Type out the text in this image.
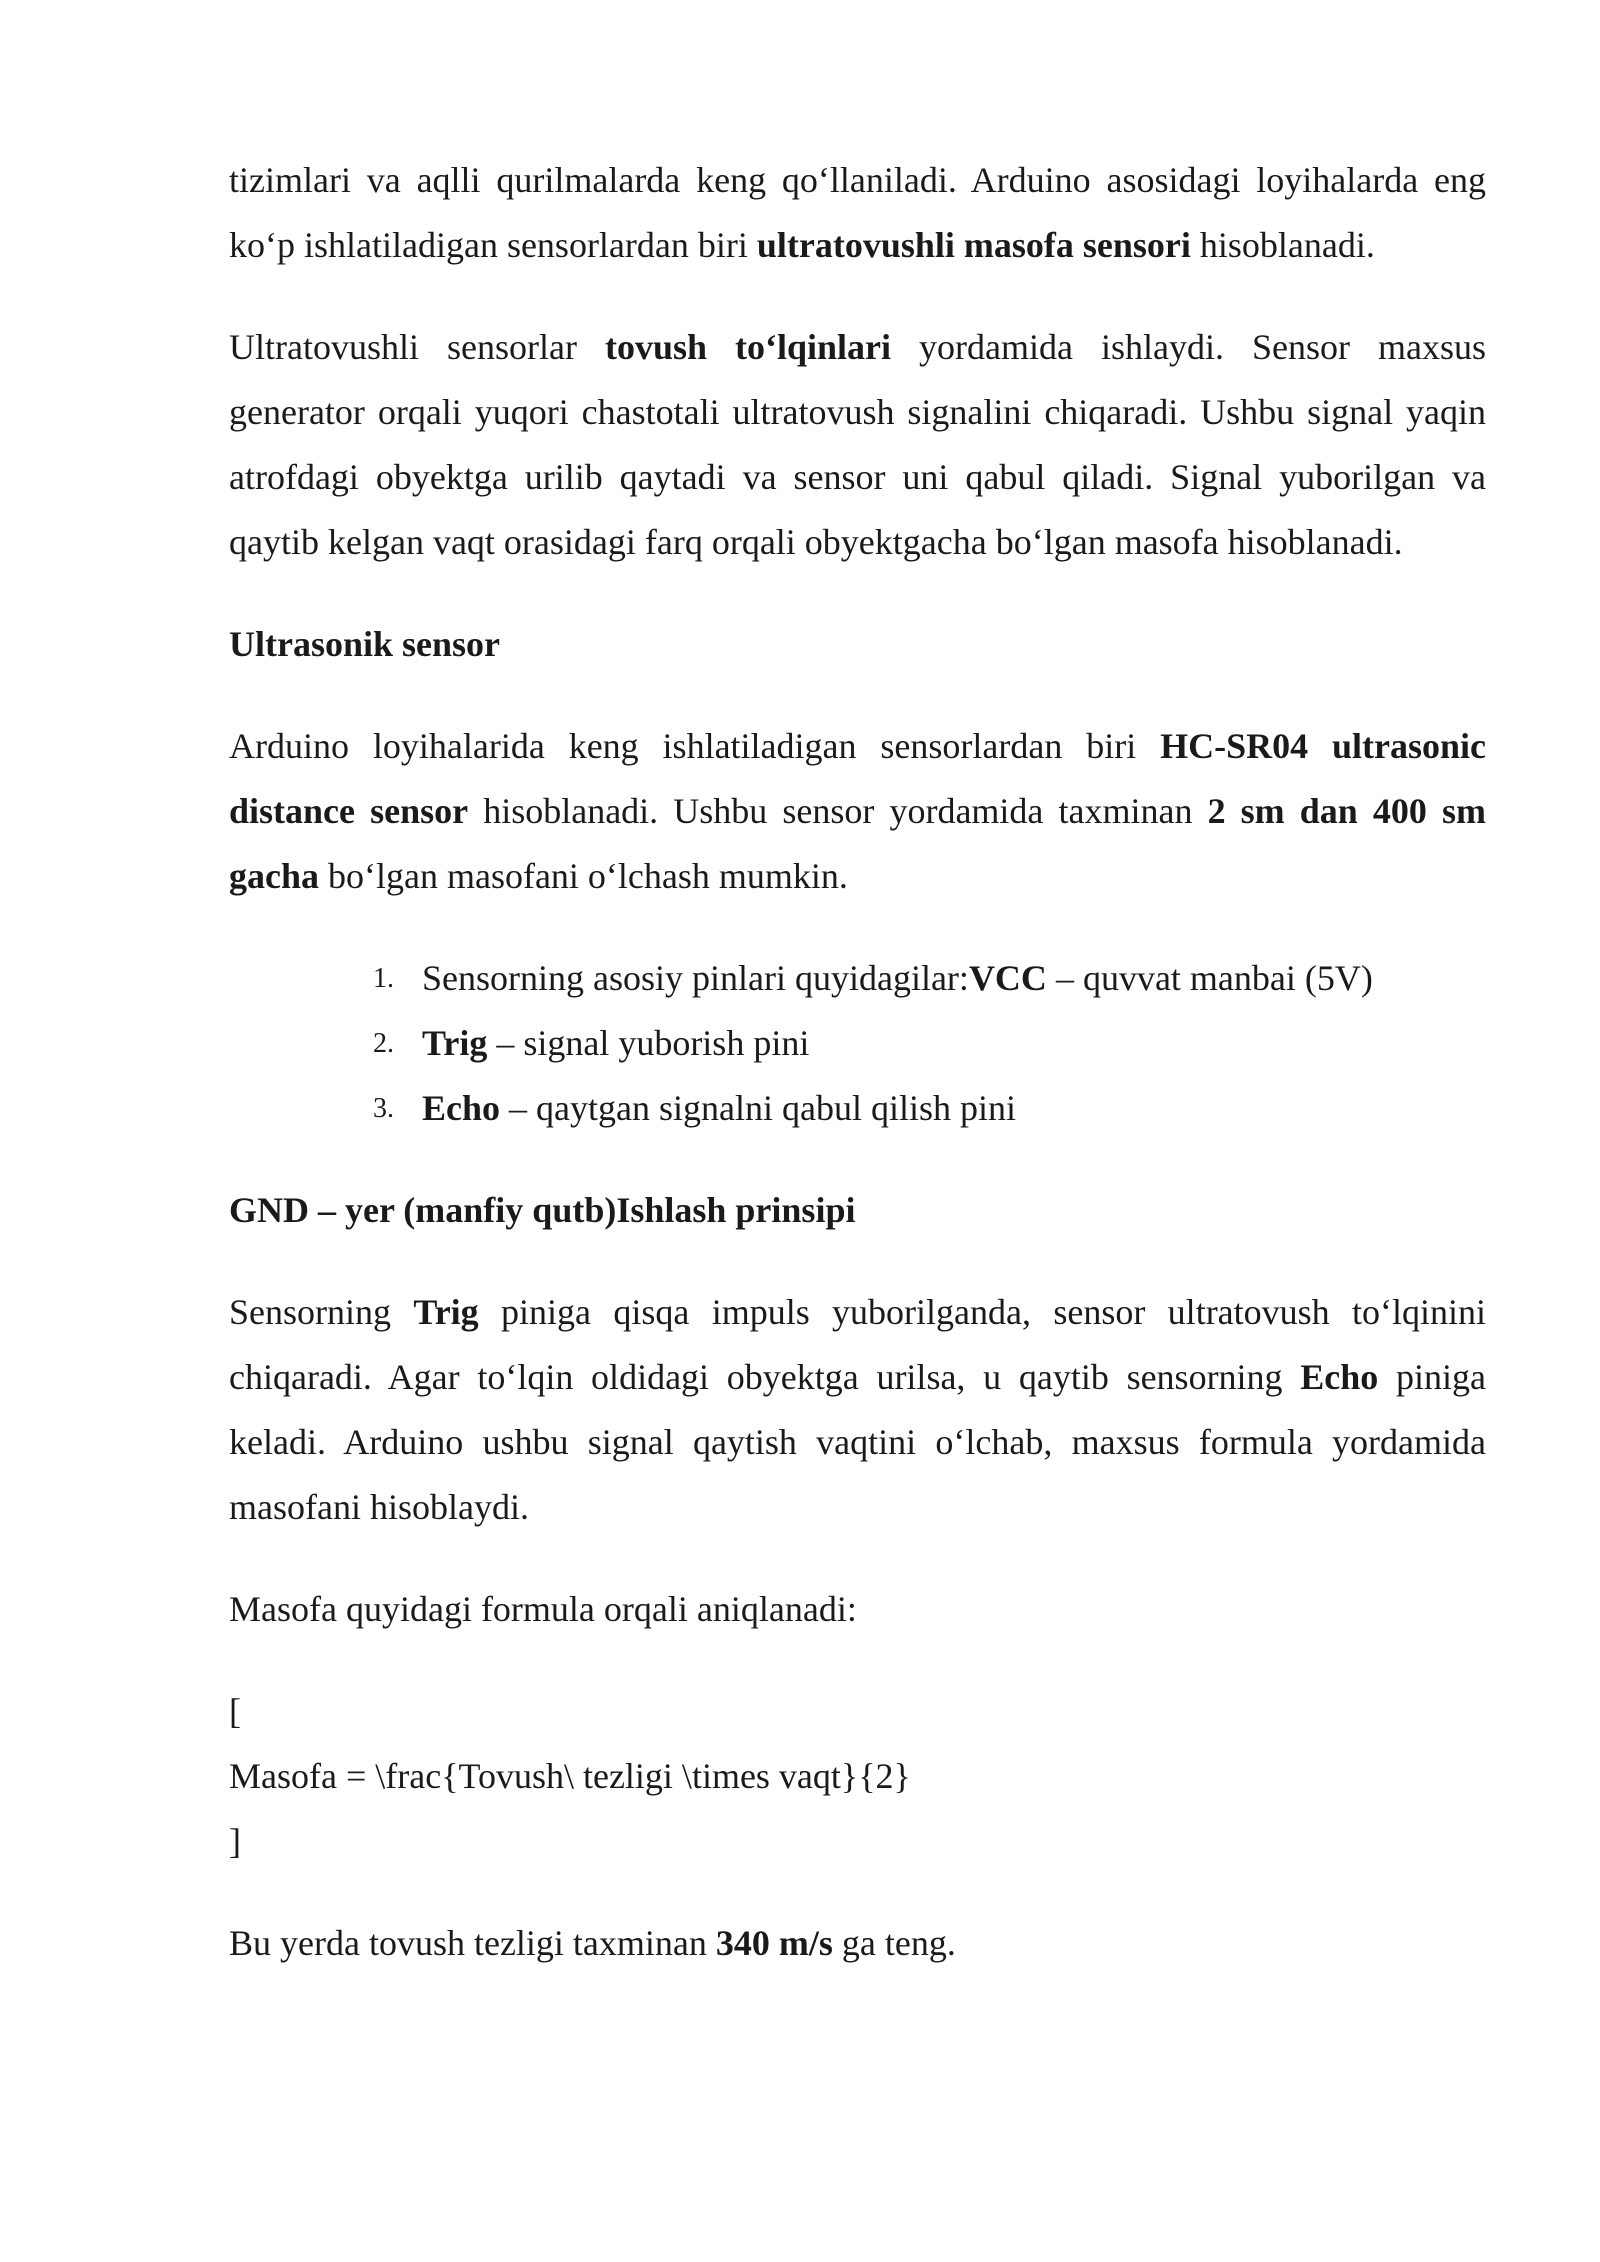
tizimlari va aqlli qurilmalarda keng qo‘llaniladi. Arduino asosidagi loyihalarda eng ko‘p ishlatiladigan sensorlardan biri ultratovushli masofa sensori hisoblanadi.

Ultratovushli sensorlar tovush to‘lqinlari yordamida ishlaydi. Sensor maxsus generator orqali yuqori chastotali ultratovush signalini chiqaradi. Ushbu signal yaqin atrofdagi obyektga urilib qaytadi va sensor uni qabul qiladi. Signal yuborilgan va qaytib kelgan vaqt orasidagi farq orqali obyektgacha bo‘lgan masofa hisoblanadi.

Ultrasonik sensor

Arduino loyihalarida keng ishlatiladigan sensorlardan biri HC-SR04 ultrasonic distance sensor hisoblanadi. Ushbu sensor yordamida taxminan 2 sm dan 400 sm gacha bo‘lgan masofani o‘lchash mumkin.

1. Sensorning asosiy pinlari quyidagilar:VCC – quvvat manbai (5V)
2. Trig – signal yuborish pini
3. Echo – qaytgan signalni qabul qilish pini

GND – yer (manfiy qutb)Ishlash prinsipi

Sensorning Trig piniga qisqa impuls yuborilganda, sensor ultratovush to‘lqinini chiqaradi. Agar to‘lqin oldidagi obyektga urilsa, u qaytib sensorning Echo piniga keladi. Arduino ushbu signal qaytish vaqtini o‘lchab, maxsus formula yordamida masofani hisoblaydi.

Masofa quyidagi formula orqali aniqlanadi:

[

Masofa = \frac{Tovush\ tezligi \times vaqt}{2}

]

Bu yerda tovush tezligi taxminan 340 m/s ga teng.
